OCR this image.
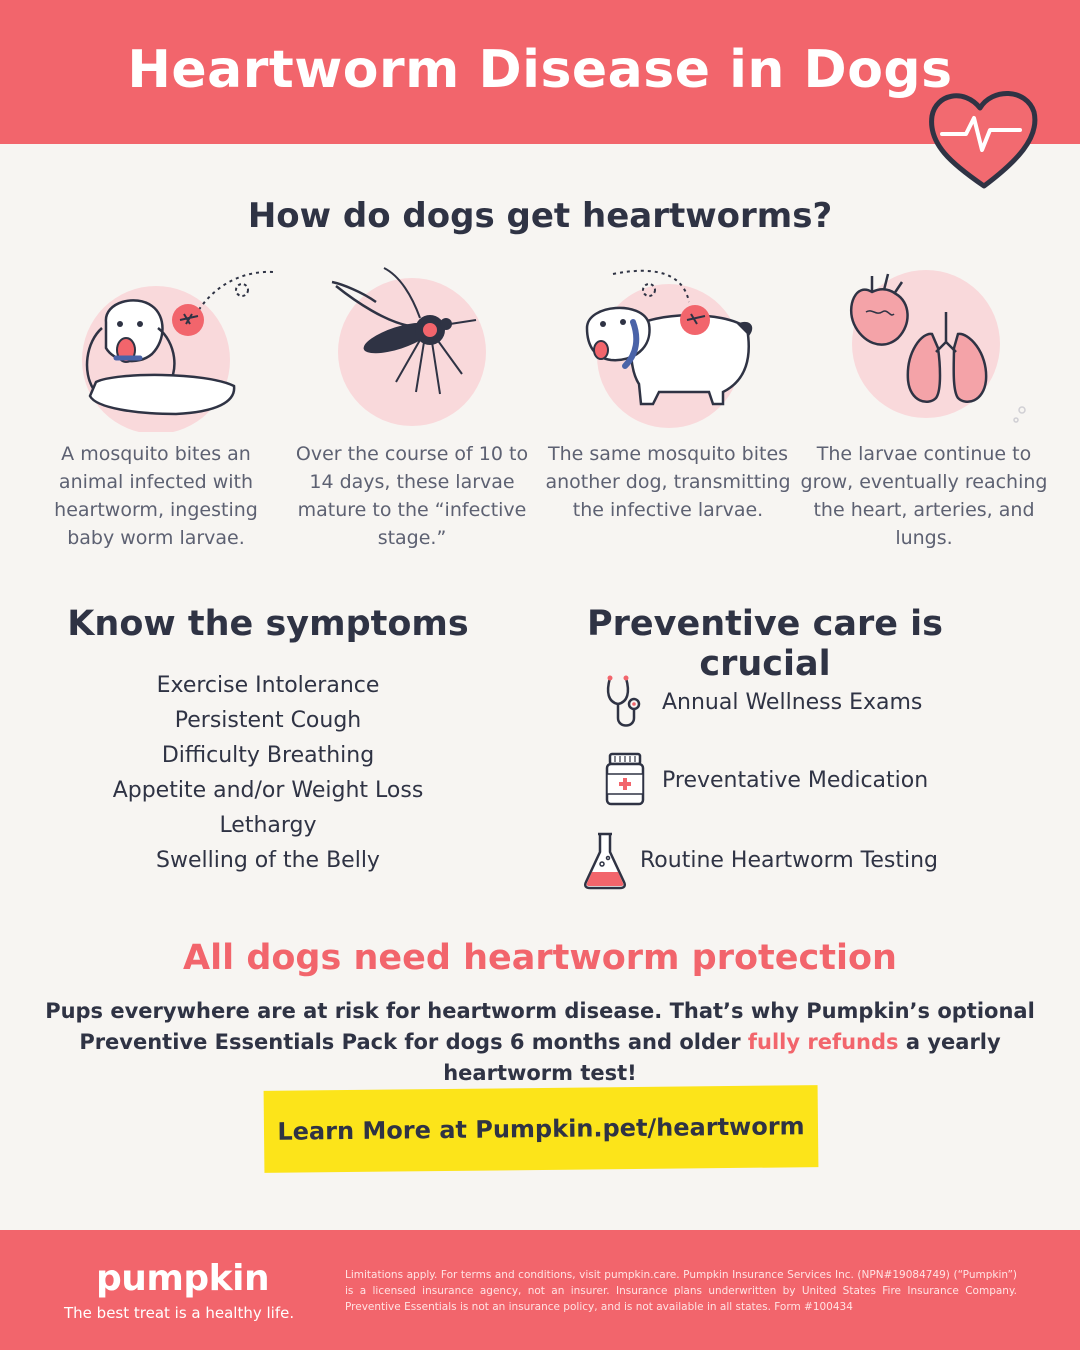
Heartworm Disease in Dogs
How do dogs get heartworms?

A mosquito bites an animal infected with heartworm, ingesting baby worm larvae.

Over the course of 10 to 14 days, these larvae mature to the “infective stage.”

The same mosquito bites another dog, transmitting the infective larvae.

The larvae continue to grow, eventually reaching the heart, arteries, and lungs.

Know the symptoms
Exercise Intolerance
Persistent Cough
Difficulty Breathing
Appetite and/or Weight Loss
Lethargy
Swelling of the Belly
Preventive care is crucial
Annual Wellness Exams
Preventative Medication
Routine Heartworm Testing
All dogs need heartworm protection

Pups everywhere are at risk for heartworm disease. That’s why Pumpkin’s optional Preventive Essentials Pack for dogs 6 months and older fully refunds a yearly heartworm test!

Learn More at Pumpkin.pet/heartworm
pumpkin
The best treat is a healthy life.

Limitations apply. For terms and conditions, visit pumpkin.care. Pumpkin Insurance Services Inc. (NPN#19084749) (“Pumpkin”) is a licensed insurance agency, not an insurer. Insurance plans underwritten by United States Fire Insurance Company. Preventive Essentials is not an insurance policy, and is not available in all states. Form #100434
